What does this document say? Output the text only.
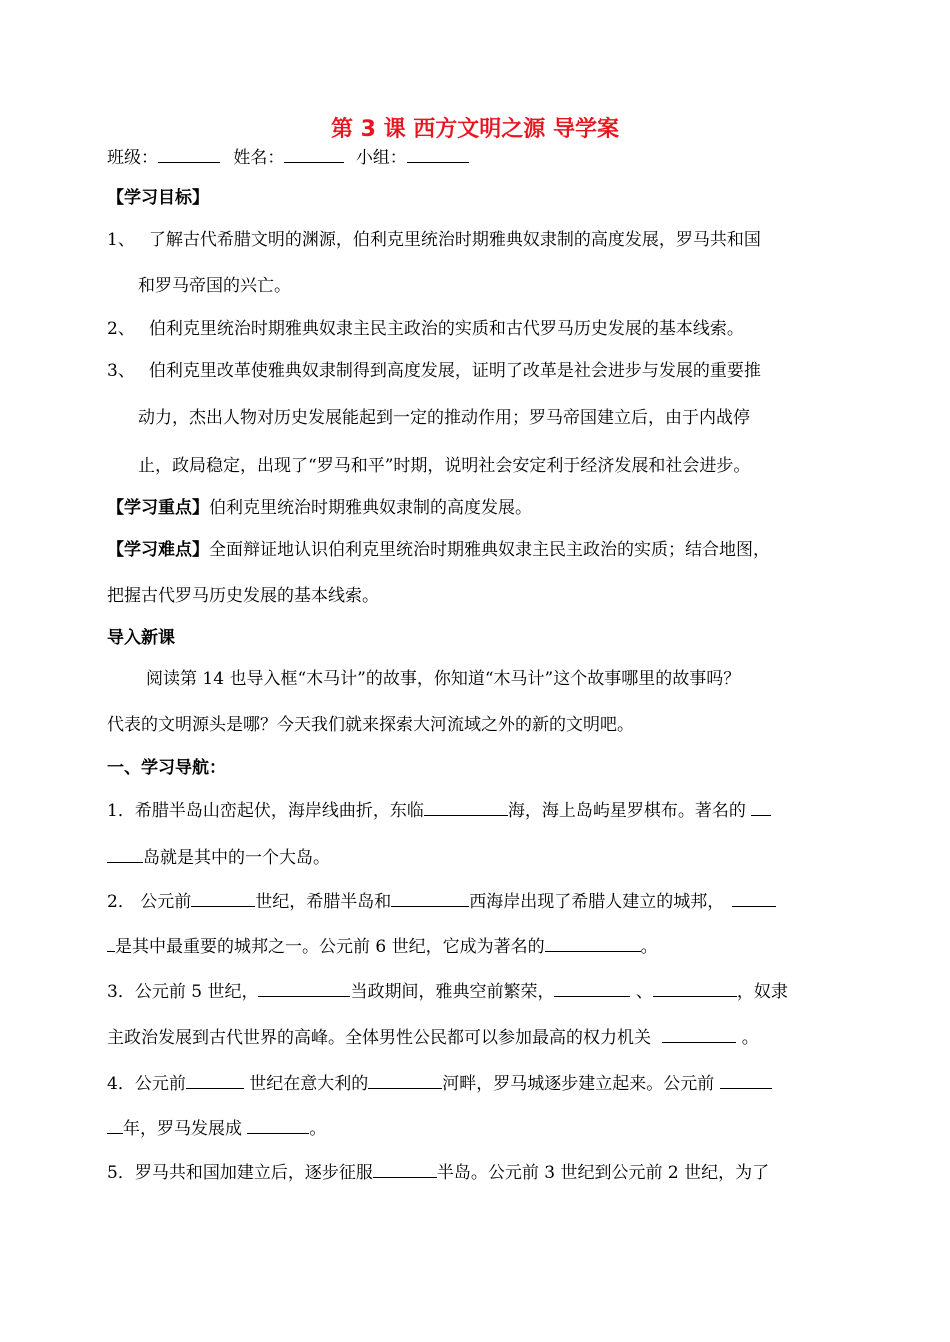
第 3 课 西方文明之源 导学案
班级：	姓名：	小组：
【学习目标】
1、 了解古代希腊文明的渊源，伯利克里统治时期雅典奴隶制的高度发展，罗马共和国
和罗马帝国的兴亡。
2、 伯利克里统治时期雅典奴隶主民主政治的实质和古代罗马历史发展的基本线索。
3、 伯利克里改革使雅典奴隶制得到高度发展，证明了改革是社会进步与发展的重要推
动力，杰出人物对历史发展能起到一定的推动作用；罗马帝国建立后，由于内战停
止，政局稳定，出现了“罗马和平”时期，说明社会安定利于经济发展和社会进步。
【学习重点】伯利克里统治时期雅典奴隶制的高度发展。
【学习难点】全面辩证地认识伯利克里统治时期雅典奴隶主民主政治的实质；结合地图，
把握古代罗马历史发展的基本线索。
导入新课
阅读第 14 也导入框“木马计”的故事，你知道“木马计”这个故事哪里的故事吗？
代表的文明源头是哪？今天我们就来探索大河流域之外的新的文明吧。
一、学习导航：
1．希腊半岛山峦起伏，海岸线曲折，东临	海，海上岛屿星罗棋布。著名的
岛就是其中的一个大岛。
2． 公元前	世纪，希腊半岛和	西海岸出现了希腊人建立的城邦，
是其中最重要的城邦之一。公元前 6 世纪，它成为著名的	。
3．公元前 5 世纪，	当政期间，雅典空前繁荣，	、	，奴隶
主政治发展到古代世界的高峰。全体男性公民都可以参加最高的权力机关	。
4．公元前	世纪在意大利的	河畔，罗马城逐步建立起来。公元前
年，罗马发展成	。
5．罗马共和国加建立后，逐步征服	半岛。公元前 3 世纪到公元前 2 世纪，为了
